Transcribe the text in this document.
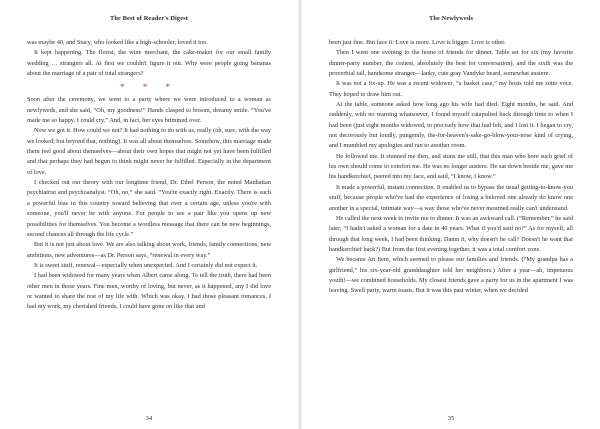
The Best of Reader's Digest

was maybe 40, and Stacy, who looked like a high-schooler, loved it too.

It kept happening. The florist, the wine merchant, the cake-maker for our small family wedding … strangers all. At first we couldn't figure it out. Why were people going bananas about the marriage of a pair of total strangers?

* * *

Soon after the ceremony, we went to a party where we were introduced to a woman as newlyweds, and she said, “Oh, my goodness!” Hands clasped to bosom, dreamy smile. “You've made me so happy. I could cry.” And, in fact, her eyes brimmed over.

Now we got it. How could we not? It had nothing to do with us, really (oh, sure, with the way we looked; but beyond that, nothing). It was all about themselves. Somehow, this marriage made them feel good about themselves—about their own hopes that might not yet have been fulfilled and that perhaps they had begun to think might never be fulfilled. Especially in the department of love.

I checked out our theory with our longtime friend, Dr. Ethel Person, the noted Manhattan psychiatrist and psychoanalyst. “Oh, no,” she said. “You're exactly right. Exactly. There is such a powerful bias in this country toward believing that over a certain age, unless you're with someone, you'll never be with anyone. For people to see a pair like you opens up new possibilities for themselves. You become a wordless message that there can be new beginnings, second chances all through the life cycle.”

But it is not just about love. We are also talking about work, friends, family connections, new ambitions, new adventures—as Dr. Person says, “renewal in every way.”

It is sweet stuff, renewal—especially when unexpected. And I certainly did not expect it.

I had been widowed for many years when Albert came along. To tell the truth, there had been other men in those years. Fine men, worthy of loving, but never, as it happened, any I did love or wanted to share the rest of my life with. Which was okay. I had those pleasant romances, I had my work, my cherished friends, I could have gone on like that and

34
The Newlyweds

been just fine. But face it: Love is more. Love is bigger. Love is other.

Then I went one evening to the home of friends for dinner. Table set for six (my favorite dinner-party number, the coziest, absolutely the best for conversation), and the sixth was the proverbial tall, handsome stranger—lanky, cute gray Vandyke beard, somewhat austere.

It was not a fix-up. He was a recent widower, “a basket case,” my hosts told me sotto voce. They hoped to draw him out.

At the table, someone asked how long ago his wife had died. Eight months, he said. And suddenly, with no warning whatsoever, I found myself catapulted back through time to when I had been (just eight months widowed, to precisely how that had felt, and I lost it. I began to cry, not decorously but loudly, pungently, the-for-heaven's-sake-go-blow-your-nose kind of crying, and I mumbled my apologies and ran to another room.

He followed me. It stunned me then, and stuns me still, that this man who bore such grief of his own should come to comfort me. He was no longer austere. He sat down beside me, gave me his handkerchief, peered into my face, and said, “I know, I know.”

It made a powerful, instant connection. It enabled us to bypass the usual getting-to-know-you stuff, because people who've had the experience of losing a beloved one already do know one another in a special, intimate way—a way those who've never mourned really can't understand.

He called the next week to invite me to dinner. It was an awkward call. (“Remember,” he said later, “I hadn't asked a woman for a date in 40 years. What if you'd said no?” As for myself, all through that long week, I had been thinking: Damn it, why doesn't he call? Doesn't he want that handkerchief back?) But from the first evening together, it was a total comfort zone.

We became An Item, which seemed to please our families and friends. (“My grandpa has a girlfriend,” his six-year-old granddaughter told her neighbors.) After a year—ah, impetuous youth!—we combined households. My closest friends gave a party for us in the apartment I was leaving. Swell party, warm toasts. But it was this past winter, when we decided

35
